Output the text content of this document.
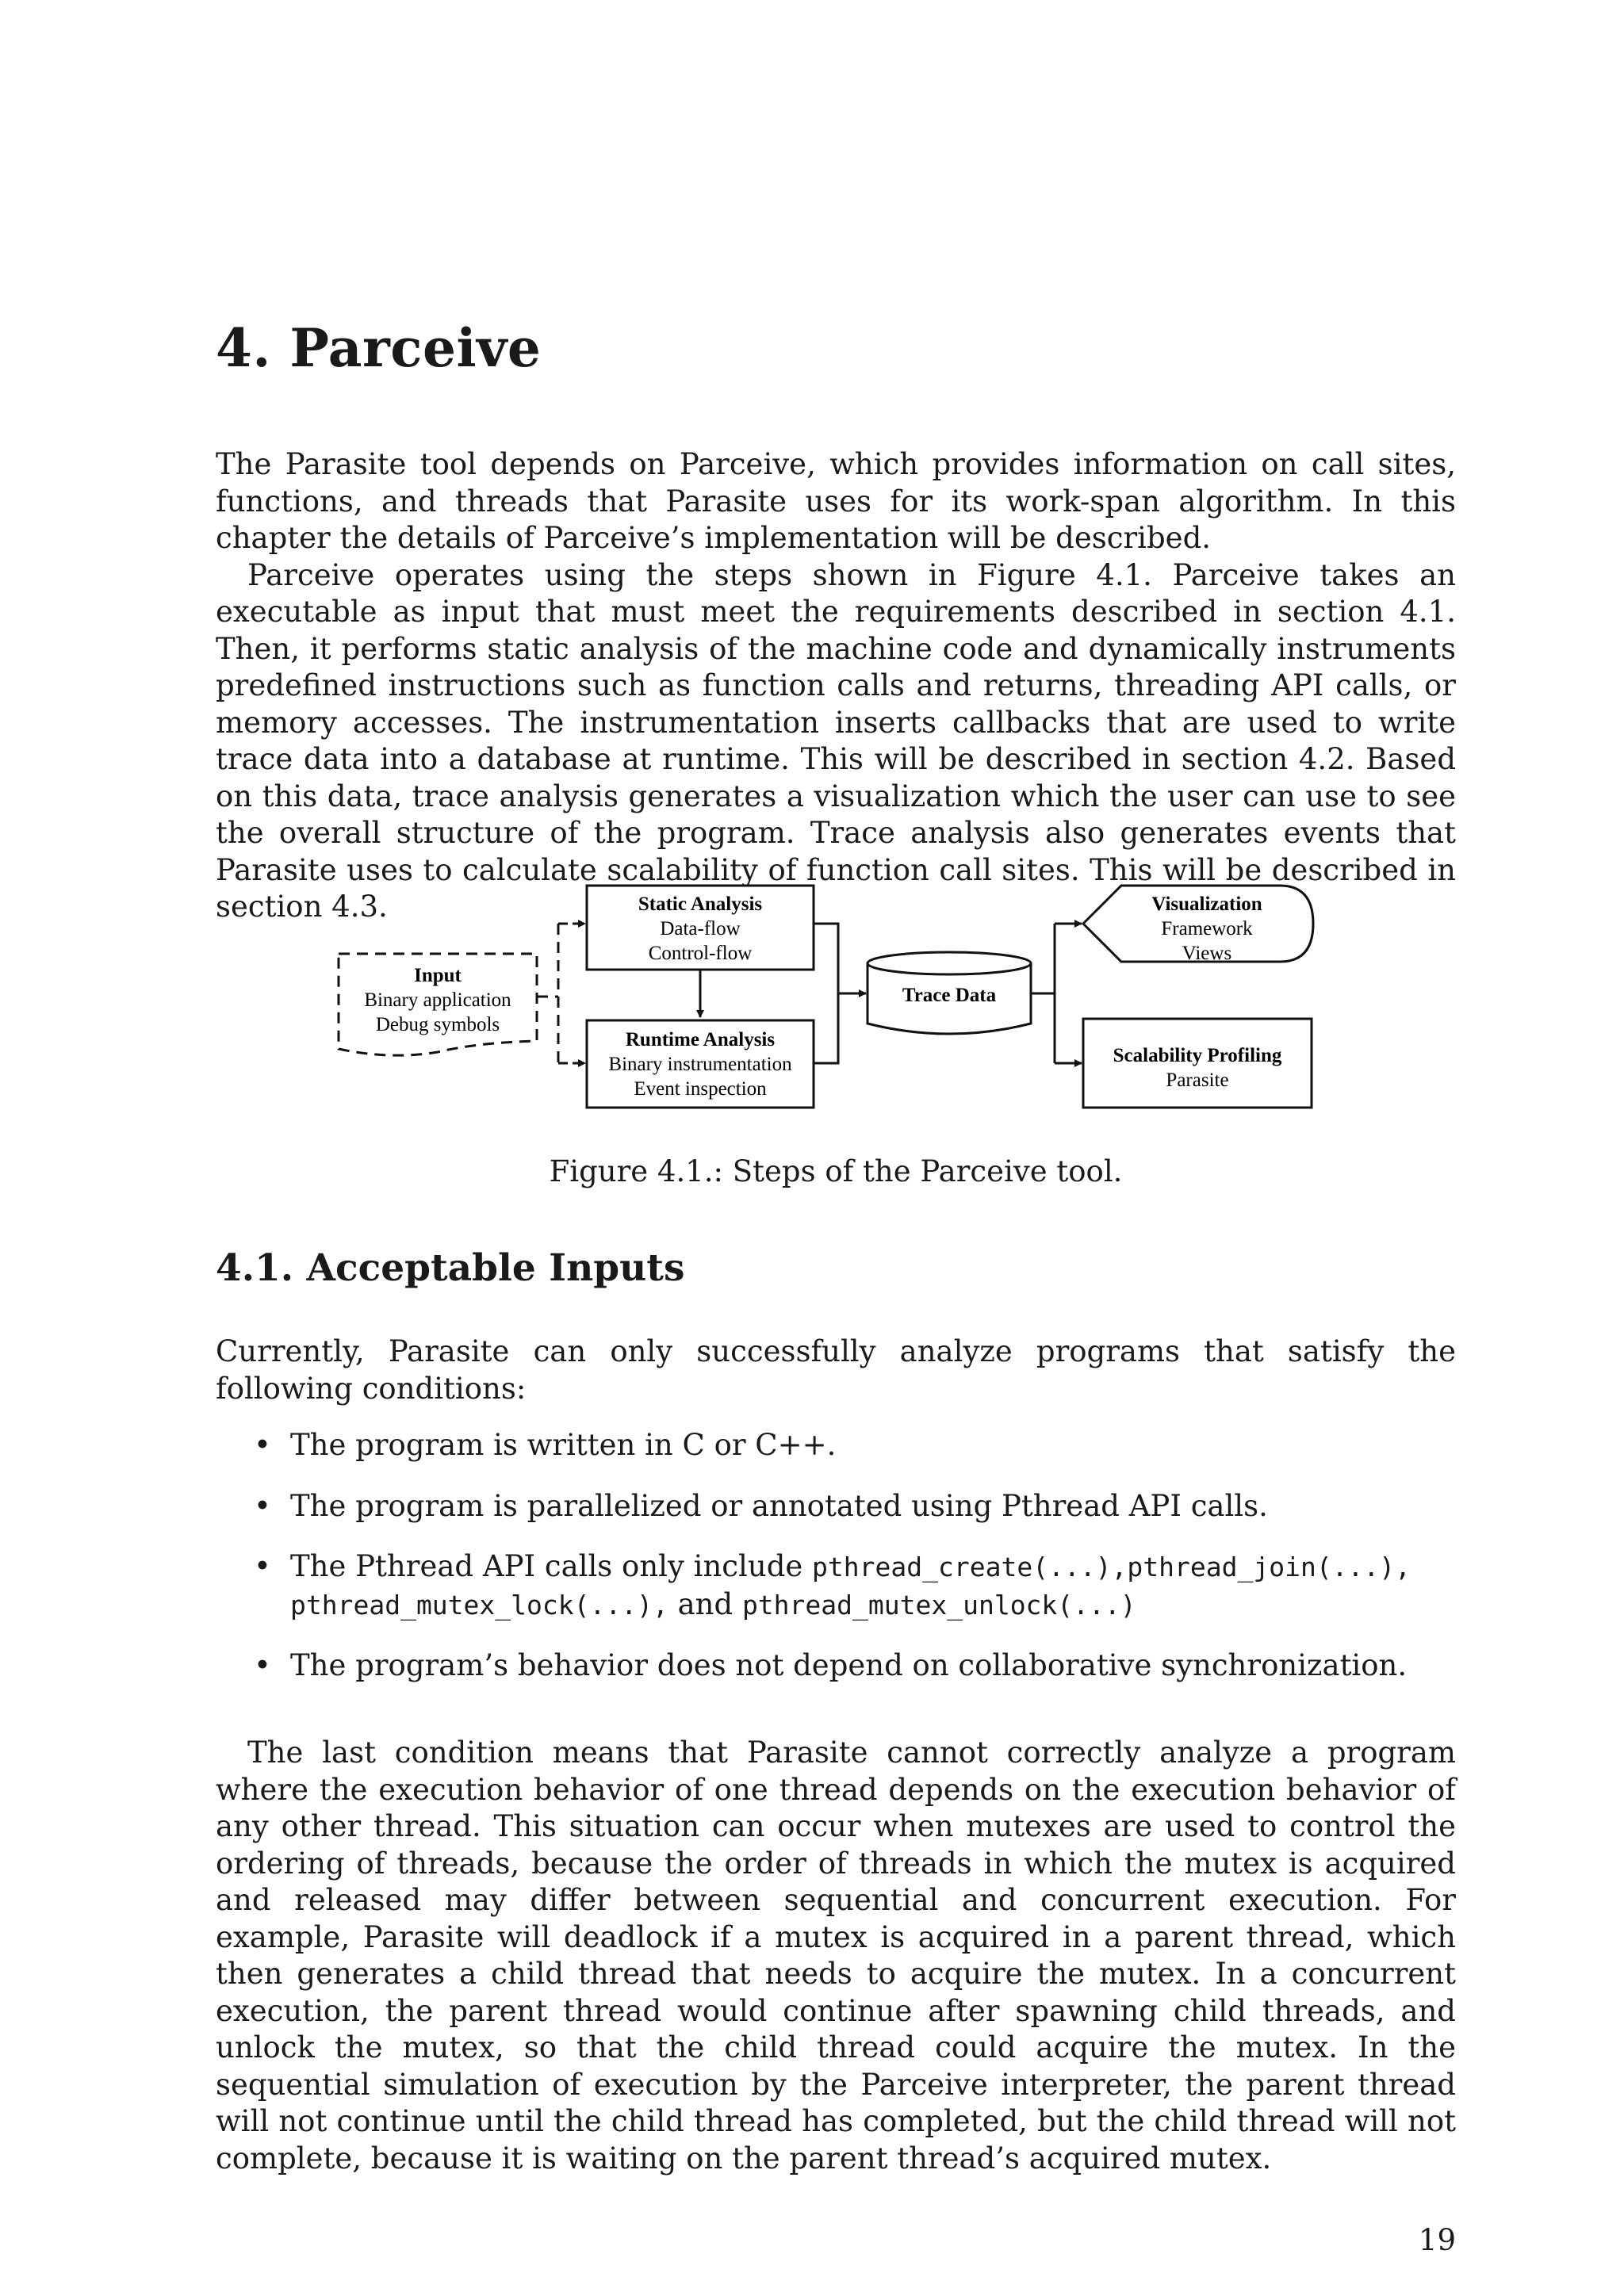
4. Parceive

The Parasite tool depends on Parceive, which provides information on call sites, functions, and threads that Parasite uses for its work-span algorithm. In this chapter the details of Parceive’s implementation will be described.

Parceive operates using the steps shown in Figure 4.1. Parceive takes an executable as input that must meet the requirements described in section 4.1. Then, it performs static analysis of the machine code and dynamically instruments predefined instructions such as function calls and returns, threading API calls, or memory accesses. The instrumentation inserts callbacks that are used to write trace data into a database at runtime. This will be described in section 4.2. Based on this data, trace analysis generates a visualization which the user can use to see the overall structure of the program. Trace analysis also generates events that Parasite uses to calculate scalability of function call sites. This will be described in section 4.3.

Input
Binary application
Debug symbols
Static Analysis
Data-flow
Control-flow
Runtime Analysis
Binary instrumentation
Event inspection
Trace Data
Visualization
Framework
Views
Scalability Profiling
Parasite
Figure 4.1.: Steps of the Parceive tool.
4.1. Acceptable Inputs

Currently, Parasite can only successfully analyze programs that satisfy the following conditions:

• The program is written in C or C++.
• The program is parallelized or annotated using Pthread API calls.
• The Pthread API calls only include pthread_create(...),pthread_join(...),
pthread_mutex_lock(...), and pthread_mutex_unlock(...)
• The program’s behavior does not depend on collaborative synchronization.

The last condition means that Parasite cannot correctly analyze a program where the execution behavior of one thread depends on the execution behavior of any other thread. This situation can occur when mutexes are used to control the ordering of threads, because the order of threads in which the mutex is acquired and released may differ between sequential and concurrent execution. For example, Parasite will deadlock if a mutex is acquired in a parent thread, which then generates a child thread that needs to acquire the mutex. In a concurrent execution, the parent thread would continue after spawning child threads, and unlock the mutex, so that the child thread could acquire the mutex. In the sequential simulation of execution by the Parceive interpreter, the parent thread will not continue until the child thread has completed, but the child thread will not complete, because it is waiting on the parent thread’s acquired mutex.

19
